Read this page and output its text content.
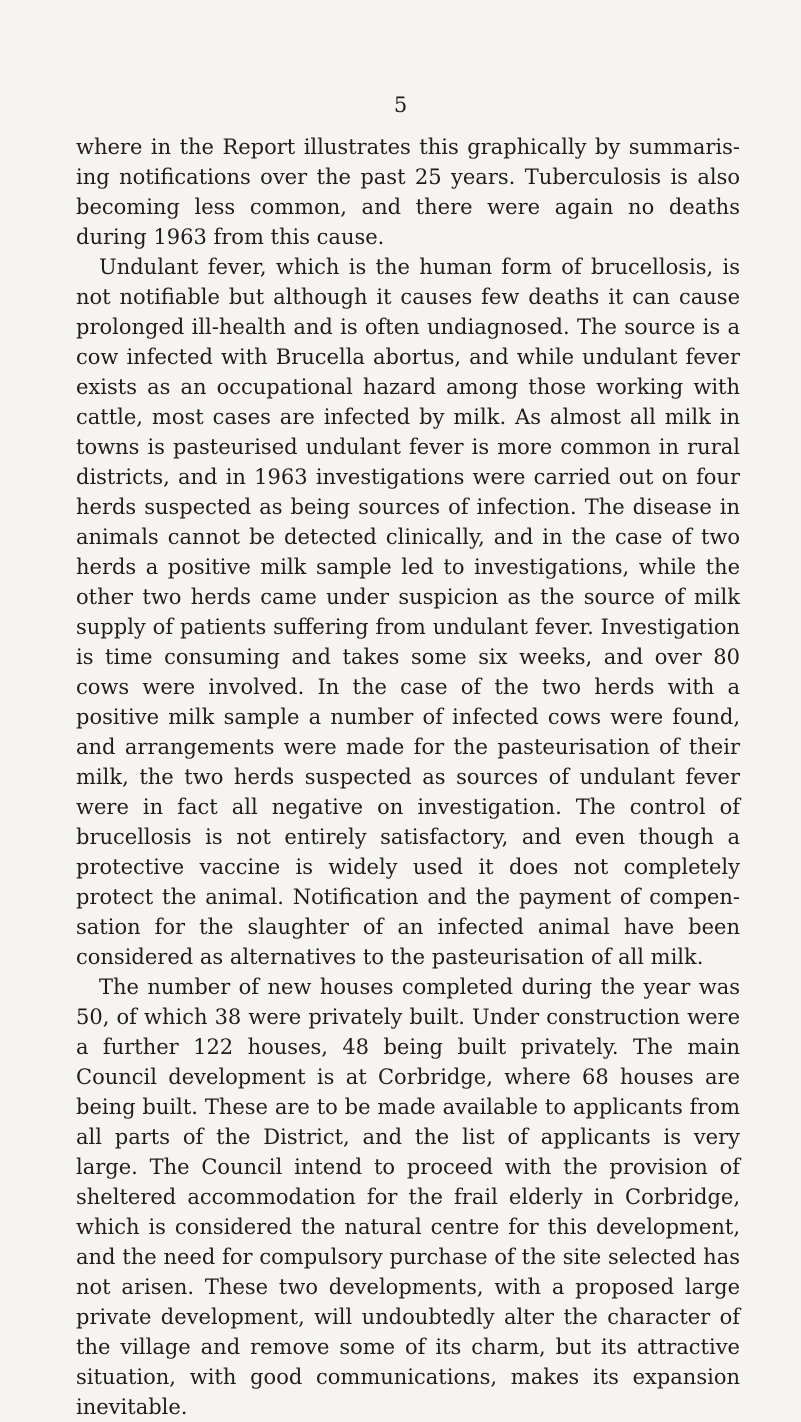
5

where in the Report illustrates this graphically by summaris- ing notifications over the past 25 years. Tuberculosis is also becoming less common, and there were again no deaths during 1963 from this cause.

Undulant fever, which is the human form of brucellosis, is not notifiable but although it causes few deaths it can cause prolonged ill-health and is often undiagnosed. The source is a cow infected with Brucella abortus, and while undulant fever exists as an occupational hazard among those working with cattle, most cases are infected by milk. As almost all milk in towns is pasteurised undulant fever is more common in rural districts, and in 1963 investigations were carried out on four herds suspected as being sources of infection. The disease in animals cannot be detected clinically, and in the case of two herds a positive milk sample led to investigations, while the other two herds came under suspicion as the source of milk supply of patients suffering from undulant fever. Investigation is time consuming and takes some six weeks, and over 80 cows were involved. In the case of the two herds with a positive milk sample a number of infected cows were found, and arrangements were made for the pasteurisation of their milk, the two herds suspected as sources of undulant fever were in fact all negative on investigation. The control of brucellosis is not entirely satisfactory, and even though a protective vaccine is widely used it does not completely protect the animal. Notification and the payment of compen- sation for the slaughter of an infected animal have been considered as alternatives to the pasteurisation of all milk.

The number of new houses completed during the year was 50, of which 38 were privately built. Under construction were a further 122 houses, 48 being built privately. The main Council development is at Corbridge, where 68 houses are being built. These are to be made available to applicants from all parts of the District, and the list of applicants is very large. The Council intend to proceed with the provision of sheltered accommodation for the frail elderly in Corbridge, which is considered the natural centre for this development, and the need for compulsory purchase of the site selected has not arisen. These two developments, with a proposed large private development, will undoubtedly alter the character of the village and remove some of its charm, but its attractive situation, with good communications, makes its expansion inevitable.
